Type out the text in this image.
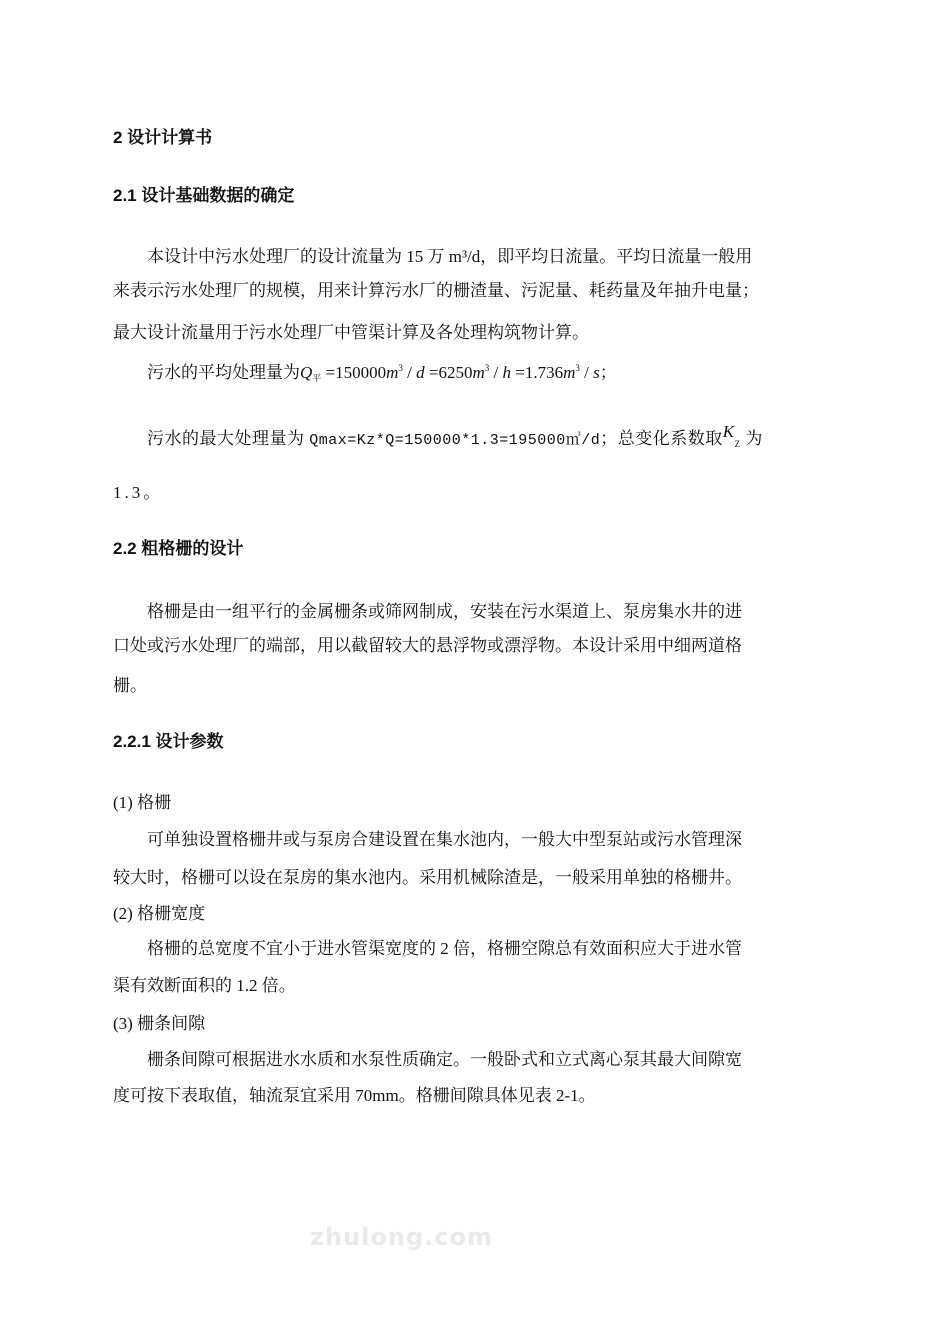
2 设计计算书
2.1 设计基础数据的确定
本设计中污水处理厂的设计流量为 15 万 m³/d，即平均日流量。平均日流量一般用
来表示污水处理厂的规模，用来计算污水厂的栅渣量、污泥量、耗药量及年抽升电量；
最大设计流量用于污水处理厂中管渠计算及各处理构筑物计算。
污水的平均处理量为$Q_平 =150000m^3 / d =6250m^3 / h =1.736m^3 / s$；
污水的最大处理量为 Qmax=Kz*Q=150000*1.3=195000㎥/d；总变化系数取$K_Z$ 为
1.3。
2.2 粗格栅的设计
格栅是由一组平行的金属栅条或筛网制成，安装在污水渠道上、泵房集水井的进
口处或污水处理厂的端部，用以截留较大的悬浮物或漂浮物。本设计采用中细两道格
栅。
2.2.1 设计参数
(1) 格栅
可单独设置格栅井或与泵房合建设置在集水池内，一般大中型泵站或污水管理深
较大时，格栅可以设在泵房的集水池内。采用机械除渣是，一般采用单独的格栅井。
(2) 格栅宽度
格栅的总宽度不宜小于进水管渠宽度的 2 倍，格栅空隙总有效面积应大于进水管
渠有效断面积的 1.2 倍。
(3) 栅条间隙
栅条间隙可根据进水水质和水泵性质确定。一般卧式和立式离心泵其最大间隙宽
度可按下表取值，轴流泵宜采用 70mm。格栅间隙具体见表 2-1。
zhulong.com
